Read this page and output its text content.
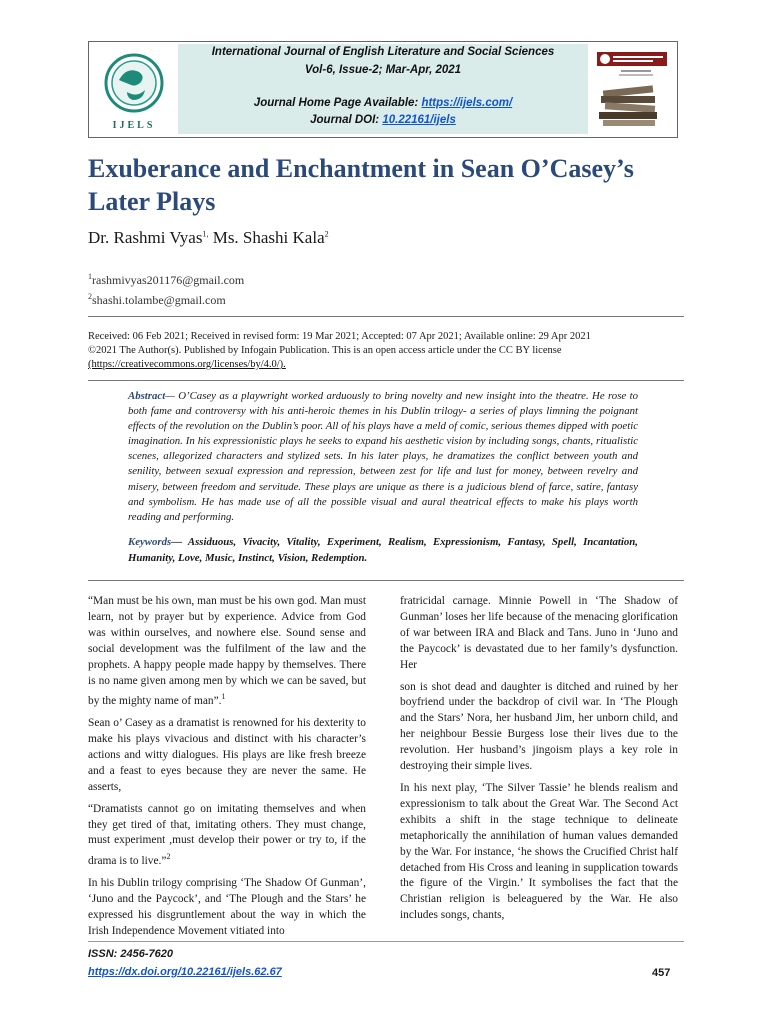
IJELS
International Journal of English Literature and Social Sciences
Vol-6, Issue-2; Mar-Apr, 2021
Journal Home Page Available: https://ijels.com/
Journal DOI: 10.22161/ijels
Exuberance and Enchantment in Sean O’Casey’s Later Plays
Dr. Rashmi Vyas$^{1,}$ Ms. Shashi Kala$^2$
$^1$rashmivyas201176@gmail.com
$^2$shashi.tolambe@gmail.com
Received: 06 Feb 2021; Received in revised form: 19 Mar 2021; Accepted: 07 Apr 2021; Available online: 29 Apr 2021
©2021 The Author(s). Published by Infogain Publication. This is an open access article under the CC BY license
(https://creativecommons.org/licenses/by/4.0/).
Abstract— O’Casey as a playwright worked arduously to bring novelty and new insight into the theatre. He rose to both fame and controversy with his anti-heroic themes in his Dublin trilogy- a series of plays limning the poignant effects of the revolution on the Dublin’s poor. All of his plays have a meld of comic, serious themes dipped with poetic imagination. In his expressionistic plays he seeks to expand his aesthetic vision by including songs, chants, ritualistic scenes, allegorized characters and stylized sets. In his later plays, he dramatizes the conflict between youth and senility, between sexual expression and repression, between zest for life and lust for money, between revelry and misery, between freedom and servitude. These plays are unique as there is a judicious blend of farce, satire, fantasy and symbolism. He has made use of all the possible visual and aural theatrical effects to make his plays worth reading and performing.
Keywords— Assiduous, Vivacity, Vitality, Experiment, Realism, Expressionism, Fantasy, Spell, Incantation, Humanity, Love, Music, Instinct, Vision, Redemption.

“Man must be his own, man must be his own god. Man must learn, not by prayer but by experience. Advice from God was within ourselves, and nowhere else. Sound sense and social development was the fulfilment of the law and the prophets. A happy people made happy by themselves. There is no name given among men by which we can be saved, but by the mighty name of man”.$^1$

Sean o’ Casey as a dramatist is renowned for his dexterity to make his plays vivacious and distinct with his character’s actions and witty dialogues. His plays are like fresh breeze and a feast to eyes because they are never the same. He asserts,

“Dramatists cannot go on imitating themselves and when they get tired of that, imitating others. They must change, must experiment ,must develop their power or try to, if the drama is to live.”$^2$

In his Dublin trilogy comprising ‘The Shadow Of Gunman’, ‘Juno and the Paycock’, and ‘The Plough and the Stars’ he expressed his disgruntlement about the way in which the Irish Independence Movement vitiated into

fratricidal carnage. Minnie Powell in ‘The Shadow of Gunman’ loses her life because of the menacing glorification of war between IRA and Black and Tans. Juno in ‘Juno and the Paycock’ is devastated due to her family’s dysfunction. Her

son is shot dead and daughter is ditched and ruined by her boyfriend under the backdrop of civil war. In ‘The Plough and the Stars’ Nora, her husband Jim, her unborn child, and her neighbour Bessie Burgess lose their lives due to the revolution. Her husband’s jingoism plays a key role in destroying their simple lives.

In his next play, ‘The Silver Tassie’ he blends realism and expressionism to talk about the Great War. The Second Act exhibits a shift in the stage technique to delineate metaphorically the annihilation of human values demanded by the War. For instance, ‘he shows the Crucified Christ half detached from His Cross and leaning in supplication towards the figure of the Virgin.’ It symbolises the fact that the Christian religion is beleaguered by the War. He also includes songs, chants,

ISSN: 2456-7620
https://dx.doi.org/10.22161/ijels.62.67	457
